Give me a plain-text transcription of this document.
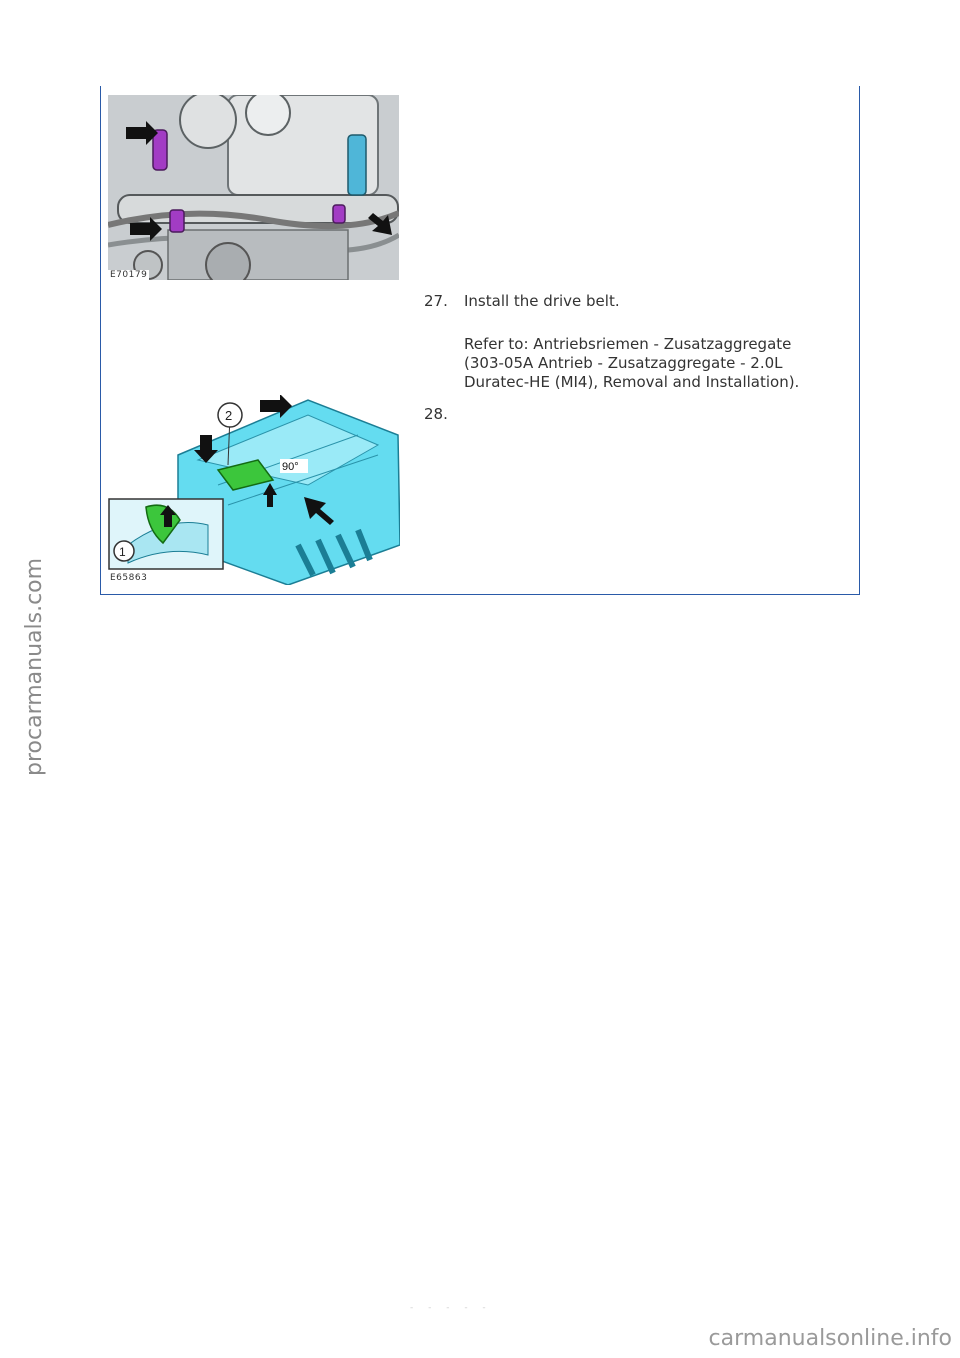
E70179
27. Install the drive belt.
Refer to: Antriebsriemen - Zusatzaggregate
(303-05A Antrieb - Zusatzaggregate - 2.0L
Duratec-HE (MI4), Removal and Installation).
2
90°
1
E65863
28.
- - - - -
procarmanuals.com
carmanualsonline.info
